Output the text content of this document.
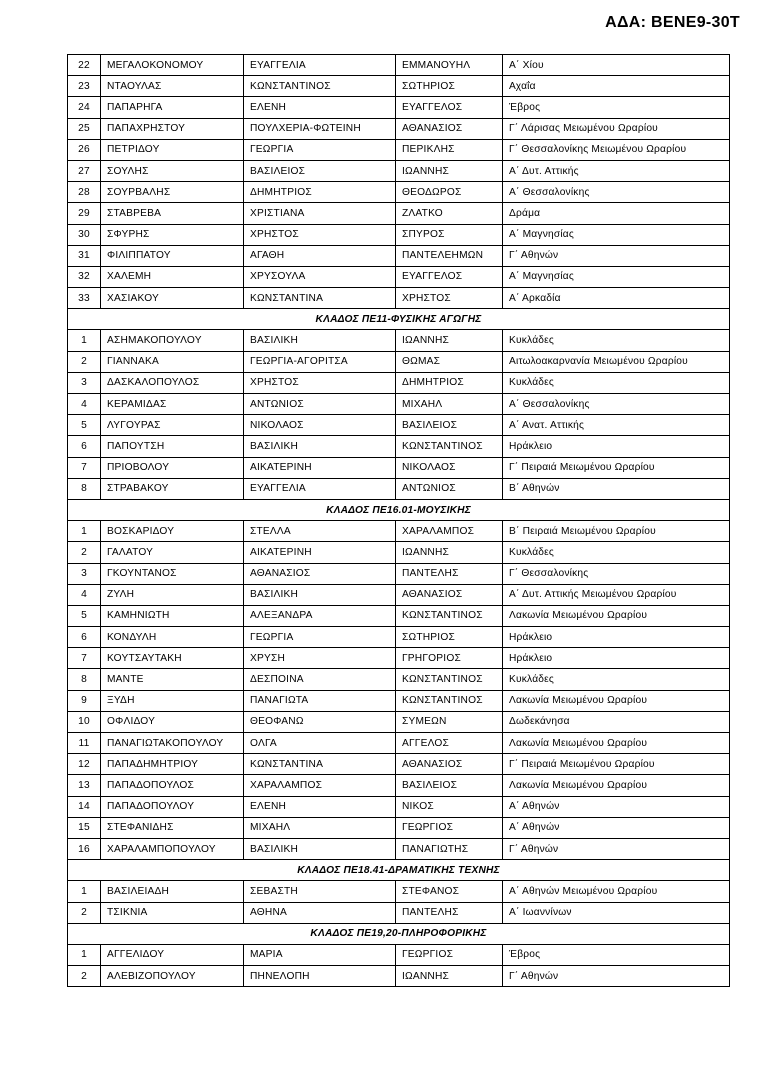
ΑΔΑ: ΒΕΝΕ9-30Τ
22	ΜΕΓΑΛΟΚΟΝΟΜΟΥ	ΕΥΑΓΓΕΛΙΑ	ΕΜΜΑΝΟΥΗΛ	Α΄ Χίου
23	ΝΤΑΟΥΛΑΣ	ΚΩΝΣΤΑΝΤΙΝΟΣ	ΣΩΤΗΡΙΟΣ	Αχαΐα
24	ΠΑΠΑΡΗΓΑ	ΕΛΕΝΗ	ΕΥΑΓΓΕΛΟΣ	Έβρος
25	ΠΑΠΑΧΡΗΣΤΟΥ	ΠΟΥΛΧΕΡΙΑ-ΦΩΤΕΙΝΗ	ΑΘΑΝΑΣΙΟΣ	Γ΄ Λάρισας Μειωμένου Ωραρίου
26	ΠΕΤΡΙΔΟΥ	ΓΕΩΡΓΙΑ	ΠΕΡΙΚΛΗΣ	Γ΄ Θεσσαλονίκης Μειωμένου Ωραρίου
27	ΣΟΥΛΗΣ	ΒΑΣΙΛΕΙΟΣ	ΙΩΑΝΝΗΣ	Α΄ Δυτ. Αττικής
28	ΣΟΥΡΒΑΛΗΣ	ΔΗΜΗΤΡΙΟΣ	ΘΕΟΔΩΡΟΣ	Α΄ Θεσσαλονίκης
29	ΣΤΑΒΡΕΒΑ	ΧΡΙΣΤΙΑΝΑ	ΖΛΑΤΚΟ	Δράμα
30	ΣΦΥΡΗΣ	ΧΡΗΣΤΟΣ	ΣΠΥΡΟΣ	Α΄ Μαγνησίας
31	ΦΙΛΙΠΠΑΤΟΥ	ΑΓΑΘΗ	ΠΑΝΤΕΛΕΗΜΩΝ	Γ΄ Αθηνών
32	ΧΑΛΕΜΗ	ΧΡΥΣΟΥΛΑ	ΕΥΑΓΓΕΛΟΣ	Α΄ Μαγνησίας
33	ΧΑΣΙΑΚΟΥ	ΚΩΝΣΤΑΝΤΙΝΑ	ΧΡΗΣΤΟΣ	Α΄ Αρκαδία
ΚΛΑΔΟΣ ΠΕ11-ΦΥΣΙΚΗΣ ΑΓΩΓΗΣ				
1	ΑΣΗΜΑΚΟΠΟΥΛΟΥ	ΒΑΣΙΛΙΚΗ	ΙΩΑΝΝΗΣ	Κυκλάδες
2	ΓΙΑΝΝΑΚΑ	ΓΕΩΡΓΙΑ-ΑΓΟΡΙΤΣΑ	ΘΩΜΑΣ	Αιτωλοακαρνανία Μειωμένου Ωραρίου
3	ΔΑΣΚΑΛΟΠΟΥΛΟΣ	ΧΡΗΣΤΟΣ	ΔΗΜΗΤΡΙΟΣ	Κυκλάδες
4	ΚΕΡΑΜΙΔΑΣ	ΑΝΤΩΝΙΟΣ	ΜΙΧΑΗΛ	Α΄ Θεσσαλονίκης
5	ΛΥΓΟΥΡΑΣ	ΝΙΚΟΛΑΟΣ	ΒΑΣΙΛΕΙΟΣ	Α΄ Ανατ. Αττικής
6	ΠΑΠΟΥΤΣΗ	ΒΑΣΙΛΙΚΗ	ΚΩΝΣΤΑΝΤΙΝΟΣ	Ηράκλειο
7	ΠΡΙΟΒΟΛΟΥ	ΑΙΚΑΤΕΡΙΝΗ	ΝΙΚΟΛΑΟΣ	Γ΄ Πειραιά Μειωμένου Ωραρίου
8	ΣΤΡΑΒΑΚΟΥ	ΕΥΑΓΓΕΛΙΑ	ΑΝΤΩΝΙΟΣ	Β΄ Αθηνών
ΚΛΑΔΟΣ ΠΕ16.01-ΜΟΥΣΙΚΗΣ				
1	ΒΟΣΚΑΡΙΔΟΥ	ΣΤΕΛΛΑ	ΧΑΡΑΛΑΜΠΟΣ	Β΄ Πειραιά Μειωμένου Ωραρίου
2	ΓΑΛΑΤΟΥ	ΑΙΚΑΤΕΡΙΝΗ	ΙΩΑΝΝΗΣ	Κυκλάδες
3	ΓΚΟΥΝΤΑΝΟΣ	ΑΘΑΝΑΣΙΟΣ	ΠΑΝΤΕΛΗΣ	Γ΄ Θεσσαλονίκης
4	ΖΥΛΗ	ΒΑΣΙΛΙΚΗ	ΑΘΑΝΑΣΙΟΣ	Α΄ Δυτ. Αττικής Μειωμένου Ωραρίου
5	ΚΑΜΗΝΙΩΤΗ	ΑΛΕΞΑΝΔΡΑ	ΚΩΝΣΤΑΝΤΙΝΟΣ	Λακωνία Μειωμένου Ωραρίου
6	ΚΟΝΔΥΛΗ	ΓΕΩΡΓΙΑ	ΣΩΤΗΡΙΟΣ	Ηράκλειο
7	ΚΟΥΤΣΑΥΤΑΚΗ	ΧΡΥΣΗ	ΓΡΗΓΟΡΙΟΣ	Ηράκλειο
8	ΜΑΝΤΕ	ΔΕΣΠΟΙΝΑ	ΚΩΝΣΤΑΝΤΙΝΟΣ	Κυκλάδες
9	ΞΥΔΗ	ΠΑΝΑΓΙΩΤΑ	ΚΩΝΣΤΑΝΤΙΝΟΣ	Λακωνία Μειωμένου Ωραρίου
10	ΟΦΛΙΔΟΥ	ΘΕΟΦΑΝΩ	ΣΥΜΕΩΝ	Δωδεκάνησα
11	ΠΑΝΑΓΙΩΤΑΚΟΠΟΥΛΟΥ	ΟΛΓΑ	ΑΓΓΕΛΟΣ	Λακωνία Μειωμένου Ωραρίου
12	ΠΑΠΑΔΗΜΗΤΡΙΟΥ	ΚΩΝΣΤΑΝΤΙΝΑ	ΑΘΑΝΑΣΙΟΣ	Γ΄ Πειραιά Μειωμένου Ωραρίου
13	ΠΑΠΑΔΟΠΟΥΛΟΣ	ΧΑΡΑΛΑΜΠΟΣ	ΒΑΣΙΛΕΙΟΣ	Λακωνία Μειωμένου Ωραρίου
14	ΠΑΠΑΔΟΠΟΥΛΟΥ	ΕΛΕΝΗ	ΝΙΚΟΣ	Α΄ Αθηνών
15	ΣΤΕΦΑΝΙΔΗΣ	ΜΙΧΑΗΛ	ΓΕΩΡΓΙΟΣ	Α΄ Αθηνών
16	ΧΑΡΑΛΑΜΠΟΠΟΥΛΟΥ	ΒΑΣΙΛΙΚΗ	ΠΑΝΑΓΙΩΤΗΣ	Γ΄ Αθηνών
ΚΛΑΔΟΣ ΠΕ18.41-ΔΡΑΜΑΤΙΚΗΣ ΤΕΧΝΗΣ				
1	ΒΑΣΙΛΕΙΑΔΗ	ΣΕΒΑΣΤΗ	ΣΤΕΦΑΝΟΣ	Α΄ Αθηνών Μειωμένου Ωραρίου
2	ΤΣΙΚΝΙΑ	ΑΘΗΝΑ	ΠΑΝΤΕΛΗΣ	Α΄ Ιωαννίνων
ΚΛΑΔΟΣ ΠΕ19,20-ΠΛΗΡΟΦΟΡΙΚΗΣ				
1	ΑΓΓΕΛΙΔΟΥ	ΜΑΡΙΑ	ΓΕΩΡΓΙΟΣ	Έβρος
2	ΑΛΕΒΙΖΟΠΟΥΛΟΥ	ΠΗΝΕΛΟΠΗ	ΙΩΑΝΝΗΣ	Γ΄ Αθηνών
